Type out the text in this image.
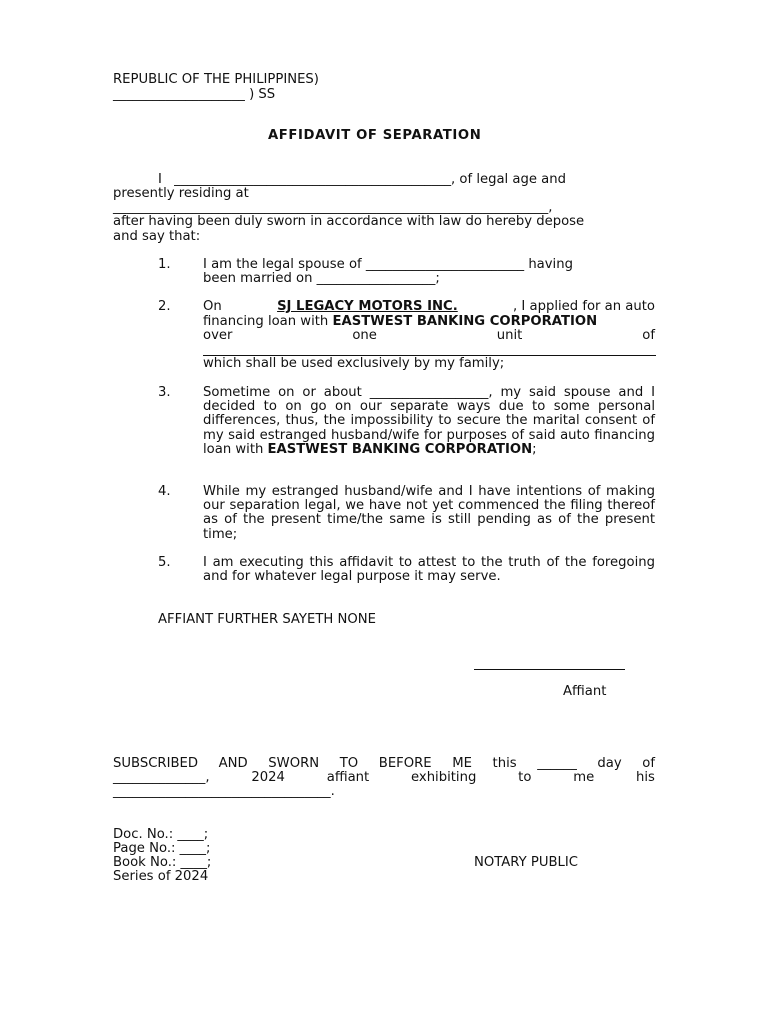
REPUBLIC OF THE PHILIPPINES)
____________________ ) SS
AFFIDAVIT OF SEPARATION
I __________________________________________, of legal age and
presently residing at
__________________________________________________________________,
after having been duly sworn in accordance with law do hereby depose
and say that:
1. I am the legal spouse of ________________________ having
been married on __________________;
2. On	SJ LEGACY MOTORS INC.	, I applied for an auto
financing loan with EASTWEST BANKING CORPORATION
over	one	unit	of
which shall be used exclusively by my family;
3. Sometime on or about __________________, my said spouse and I decided to on go on our separate ways due to some personal differences, thus, the impossibility to secure the marital consent of my said estranged husband/wife for purposes of said auto financing loan with EASTWEST BANKING CORPORATION;
4. While my estranged husband/wife and I have intentions of making our separation legal, we have not yet commenced the filing thereof as of the present time/the same is still pending as of the present time;
5. I am executing this affidavit to attest to the truth of the foregoing and for whatever legal purpose it may serve.
AFFIANT FURTHER SAYETH NONE
Affiant
SUBSCRIBED AND SWORN TO BEFORE ME this ______ day of
______________,	2024	affiant	exhibiting	to	me	his
_________________________________.
Doc. No.: ____;
Page No.: ____;
Book No.: ____;
Series of 2024
NOTARY PUBLIC
